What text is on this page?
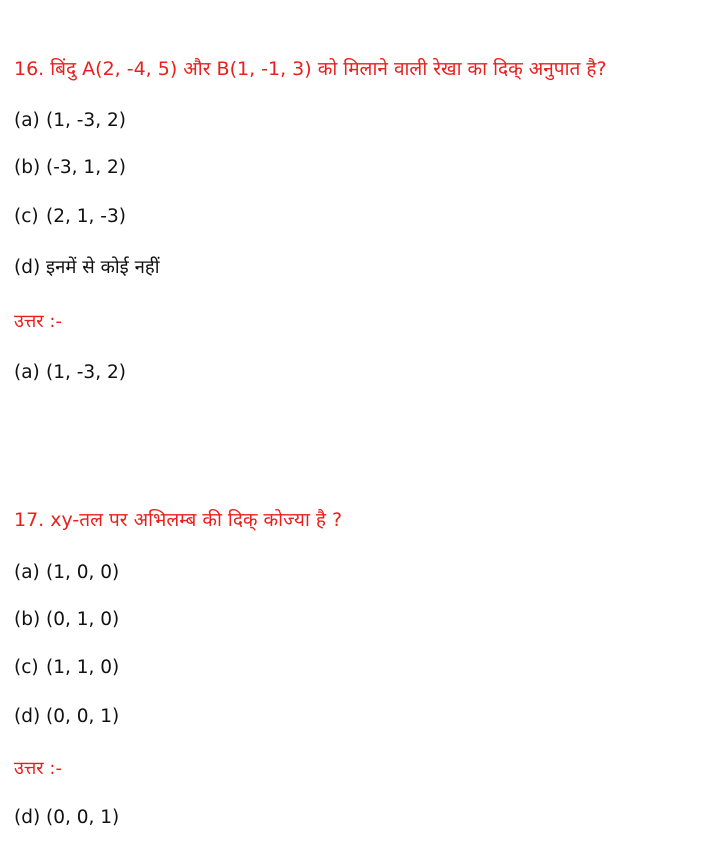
16. बिंदु A(2, -4, 5) और B(1, -1, 3) को मिलाने वाली रेखा का दिक् अनुपात है?
(a) (1, -3, 2)
(b) (-3, 1, 2)
(c) (2, 1, -3)
(d) इनमें से कोई नहीं
उत्तर :-
(a) (1, -3, 2)
17. xy-तल पर अभिलम्ब की दिक् कोज्या है ?
(a) (1, 0, 0)
(b) (0, 1, 0)
(c) (1, 1, 0)
(d) (0, 0, 1)
उत्तर :-
(d) (0, 0, 1)
